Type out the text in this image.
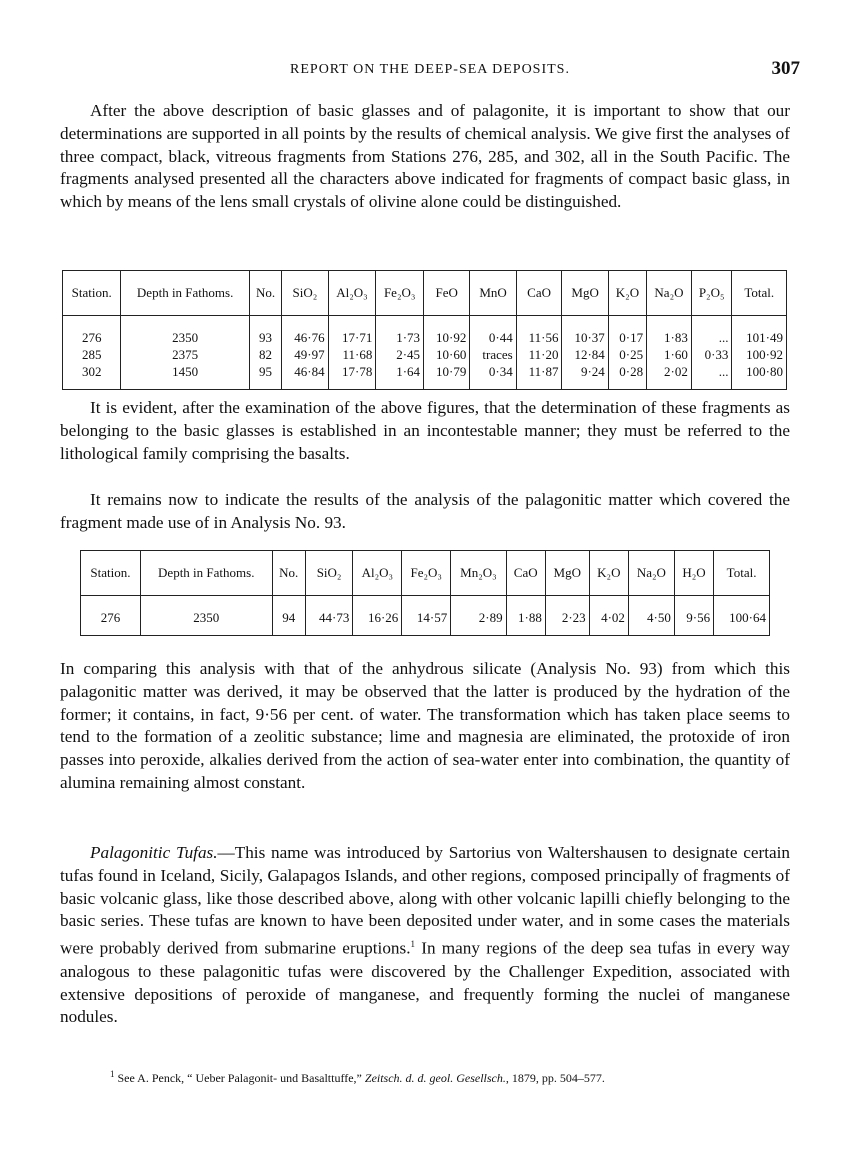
REPORT ON THE DEEP-SEA DEPOSITS.	307
After the above description of basic glasses and of palagonite, it is important to show that our determinations are supported in all points by the results of chemical analysis. We give first the analyses of three compact, black, vitreous fragments from Stations 276, 285, and 302, all in the South Pacific. The fragments analysed presented all the characters above indicated for fragments of compact basic glass, in which by means of the lens small crystals of olivine alone could be distinguished.
Station.	Depth in Fathoms.	No.	SiO₂	Al₂O₃	Fe₂O₃	FeO	MnO	CaO	MgO	K₂O	Na₂O	P₂O₅	Total.

276	2350	93	46·76	17·71	1·73	10·92	0·44	11·56	10·37	0·17	1·83	...	101·49
285	2375	82	49·97	11·68	2·45	10·60	traces	11·20	12·84	0·25	1·60	0·33	100·92
302	1450	95	46·84	17·78	1·64	10·79	0·34	11·87	9·24	0·28	2·02	...	100·80
It is evident, after the examination of the above figures, that the determination of these fragments as belonging to the basic glasses is established in an incontestable manner; they must be referred to the lithological family comprising the basalts.
It remains now to indicate the results of the analysis of the palagonitic matter which covered the fragment made use of in Analysis No. 93.
Station.	Depth in Fathoms.	No.	SiO₂	Al₂O₃	Fe₂O₃	Mn₂O₃	CaO	MgO	K₂O	Na₂O	H₂O	Total.

276	2350	94	44·73	16·26	14·57	2·89	1·88	2·23	4·02	4·50	9·56	100·64
In comparing this analysis with that of the anhydrous silicate (Analysis No. 93) from which this palagonitic matter was derived, it may be observed that the latter is produced by the hydration of the former; it contains, in fact, 9·56 per cent. of water. The transformation which has taken place seems to tend to the formation of a zeolitic substance; lime and magnesia are eliminated, the protoxide of iron passes into peroxide, alkalies derived from the action of sea-water enter into combination, the quantity of alumina remaining almost constant.
Palagonitic Tufas.—This name was introduced by Sartorius von Waltershausen to designate certain tufas found in Iceland, Sicily, Galapagos Islands, and other regions, composed principally of fragments of basic volcanic glass, like those described above, along with other volcanic lapilli chiefly belonging to the basic series. These tufas are known to have been deposited under water, and in some cases the materials were probably derived from submarine eruptions.$^1$ In many regions of the deep sea tufas in every way analogous to these palagonitic tufas were discovered by the Challenger Expedition, associated with extensive depositions of peroxide of manganese, and frequently forming the nuclei of manganese nodules.
$^1$ See A. Penck, “ Ueber Palagonit- und Basalttuffe,” Zeitsch. d. d. geol. Gesellsch., 1879, pp. 504–577.
